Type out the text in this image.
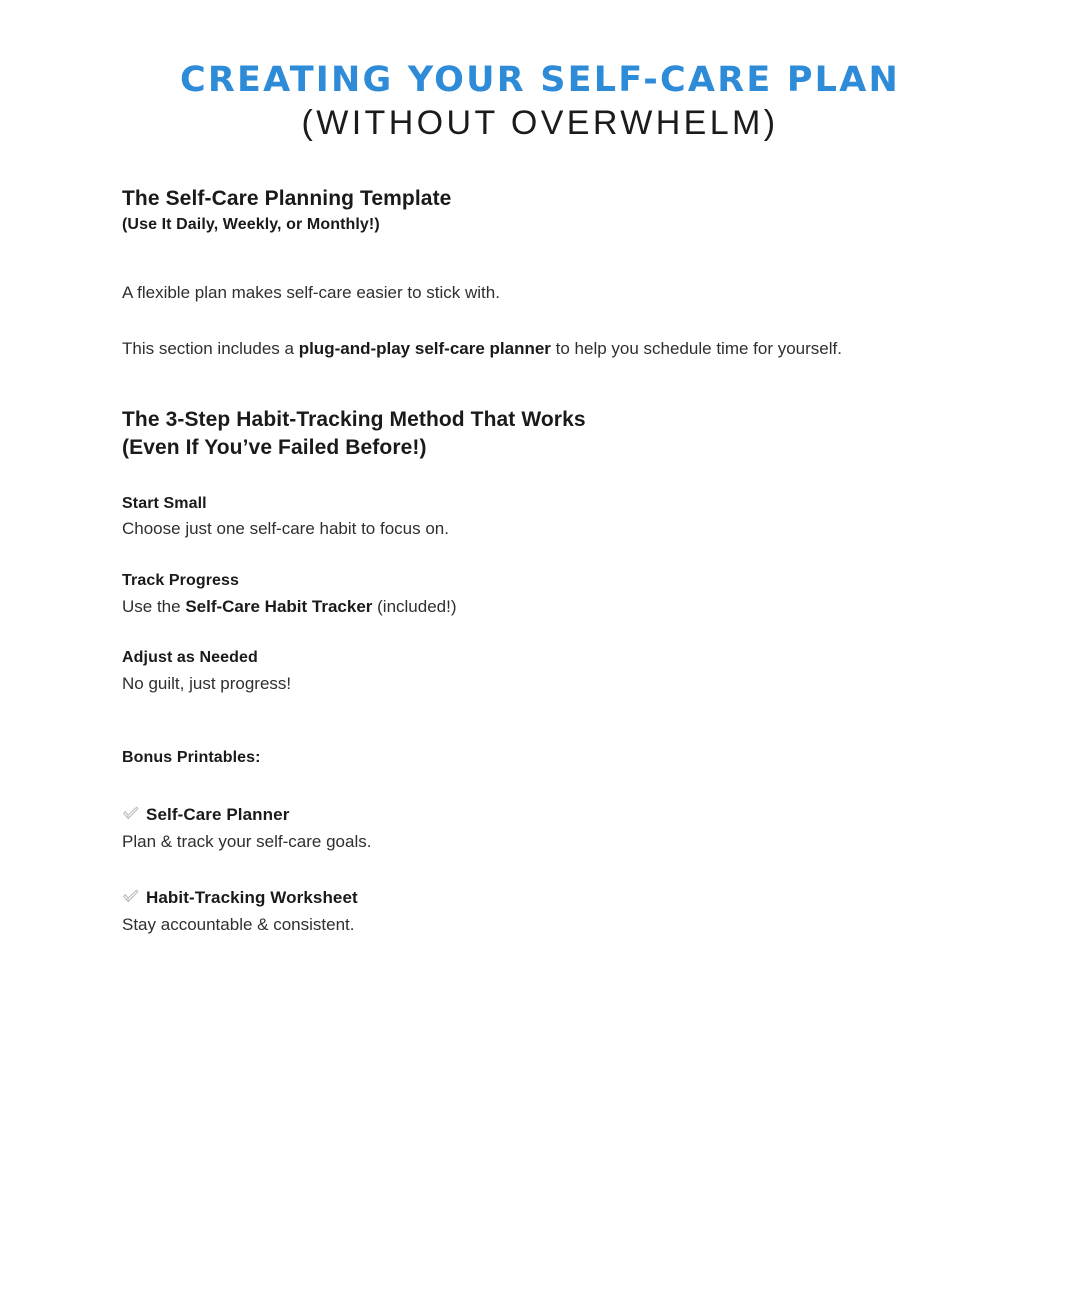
CREATING YOUR SELF-CARE PLAN
(WITHOUT OVERWHELM)
The Self-Care Planning Template
(Use It Daily, Weekly, or Monthly!)

A flexible plan makes self-care easier to stick with.

This section includes a plug-and-play self-care planner to help you schedule time for yourself.

The 3-Step Habit-Tracking Method That Works
(Even If You’ve Failed Before!)
Start Small

Choose just one self-care habit to focus on.

Track Progress

Use the Self-Care Habit Tracker (included!)

Adjust as Needed

No guilt, just progress!

Bonus Printables:
Self-Care Planner

Plan & track your self-care goals.

Habit-Tracking Worksheet

Stay accountable & consistent.
